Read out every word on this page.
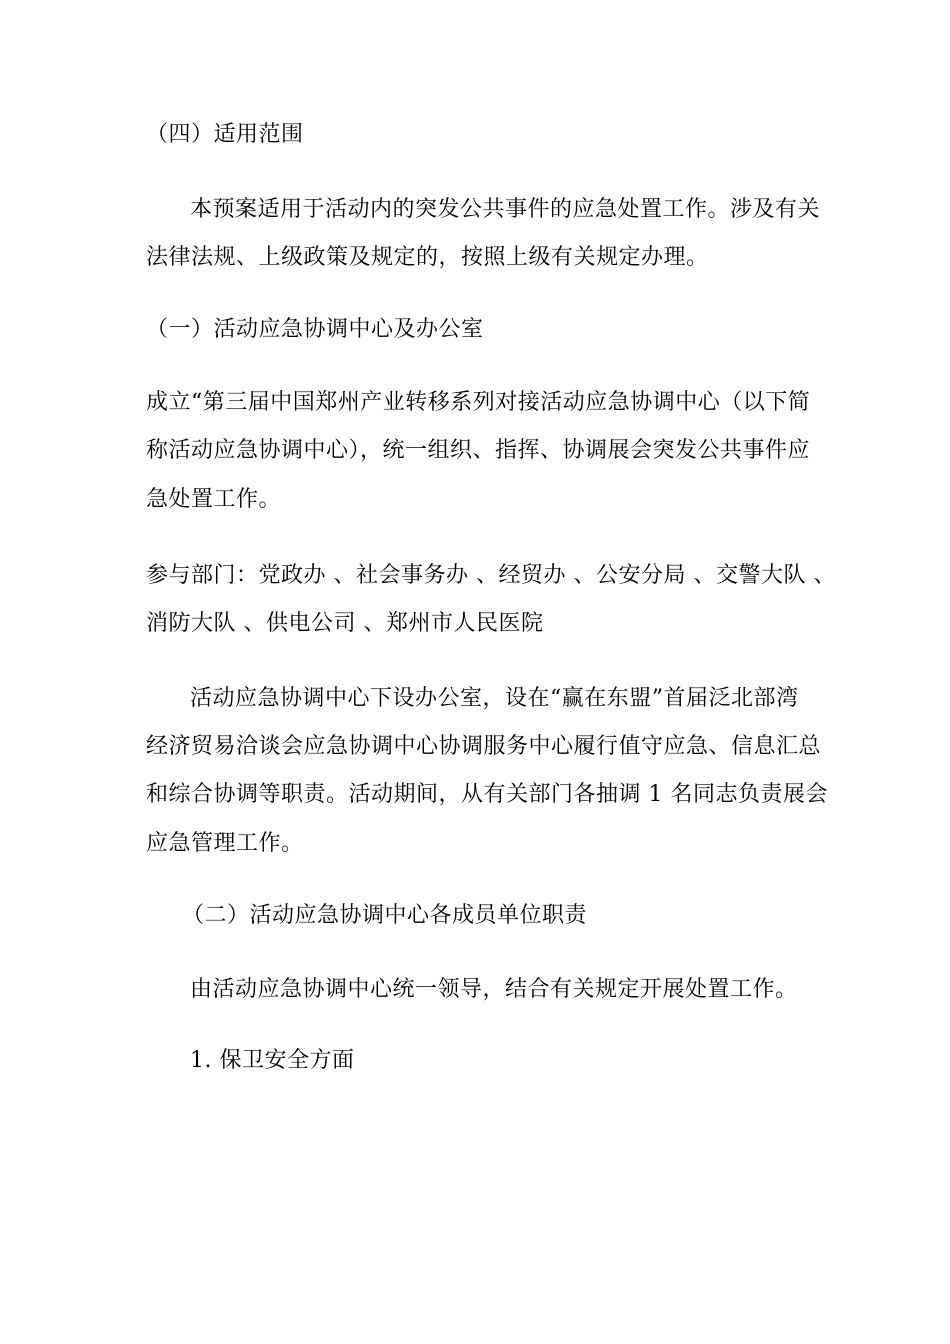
（四）适用范围
本预案适用于活动内的突发公共事件的应急处置工作。涉及有关
法律法规、上级政策及规定的，按照上级有关规定办理。
（一）活动应急协调中心及办公室
成立“第三届中国郑州产业转移系列对接活动应急协调中心（以下简
称活动应急协调中心），统一组织、指挥、协调展会突发公共事件应
急处置工作。
参与部门：党政办 、社会事务办 、经贸办 、公安分局 、交警大队 、
消防大队 、供电公司 、郑州市人民医院
活动应急协调中心下设办公室，设在“赢在东盟”首届泛北部湾
经济贸易洽谈会应急协调中心协调服务中心履行值守应急、信息汇总
和综合协调等职责。活动期间，从有关部门各抽调 1 名同志负责展会
应急管理工作。
（二）活动应急协调中心各成员单位职责
由活动应急协调中心统一领导，结合有关规定开展处置工作。
1. 保卫安全方面
